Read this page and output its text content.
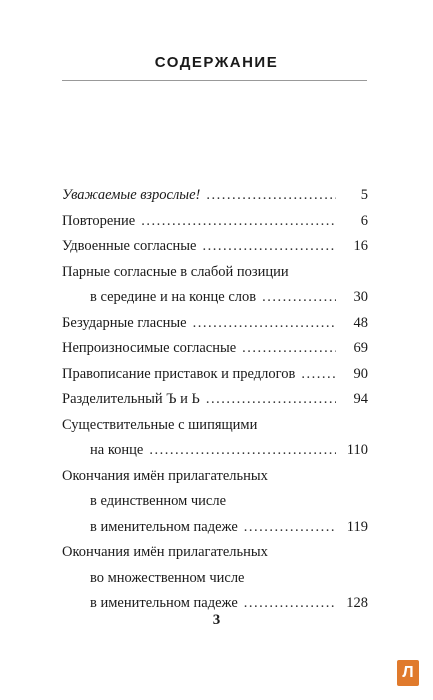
СОДЕРЖАНИЕ
Уважаемые взрослые! .....	5
Повторение .....	6
Удвоенные согласные .....	16
Парные согласные в слабой позиции
в середине и на конце слов .....	30
Безударные гласные .....	48
Непроизносимые согласные .....	69
Правописание приставок и предлогов .....	90
Разделительный Ъ и Ь .....	94
Существительные с шипящими
на конце .....	110
Окончания имён прилагательных
в единственном числе
в именительном падеже .....	119
Окончания имён прилагательных
во множественном числе
в именительном падеже .....	128
3
Л
